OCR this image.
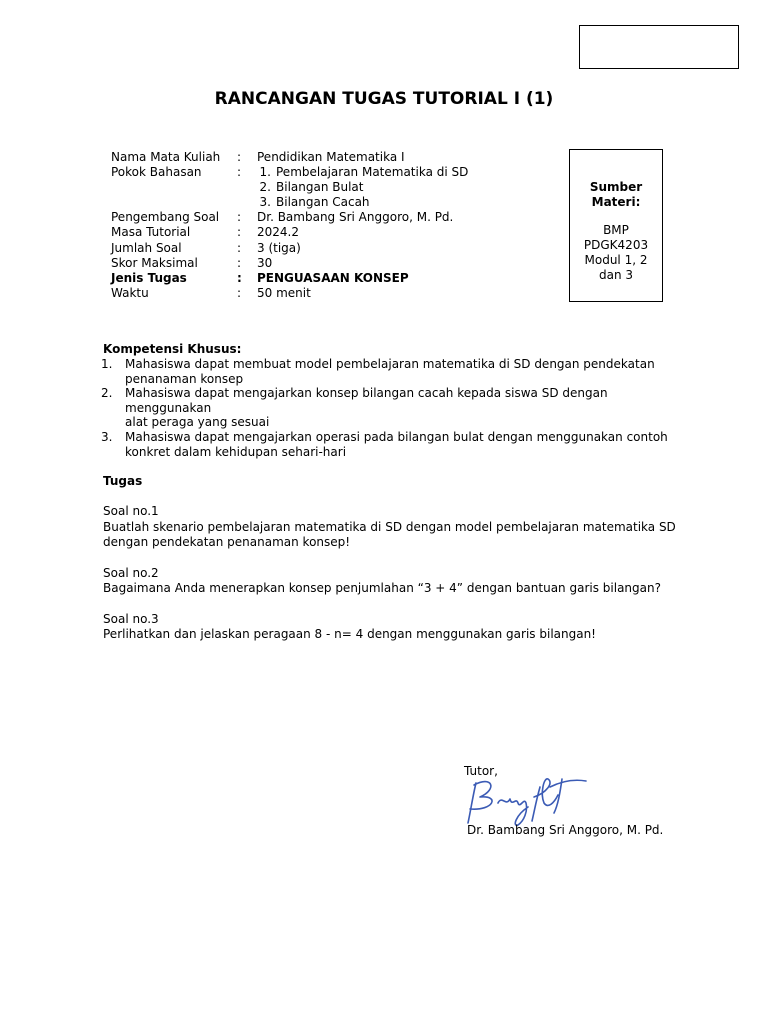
RANCANGAN TUGAS TUTORIAL I (1)
Nama Mata Kuliah : Pendidikan Matematika I
Pokok Bahasan	:	1. Pembelajaran Matematika di SD
2. Bilangan Bulat
3. Bilangan Cacah
Pengembang Soal : Dr. Bambang Sri Anggoro, M. Pd.
Masa Tutorial	: 2024.2
Jumlah Soal	: 3 (tiga)
Skor Maksimal	: 30
Jenis Tugas	: PENGUASAAN KONSEP
Waktu	: 50 menit
Sumber
Materi:
BMP
PDGK4203
Modul 1, 2
dan 3
Kompetensi Khusus:
1. Mahasiswa dapat membuat model pembelajaran matematika di SD dengan pendekatan
penanaman konsep
2. Mahasiswa dapat mengajarkan konsep bilangan cacah kepada siswa SD dengan menggunakan
alat peraga yang sesuai
3. Mahasiswa dapat mengajarkan operasi pada bilangan bulat dengan menggunakan contoh
konkret dalam kehidupan sehari-hari
Tugas
Soal no.1
Buatlah skenario pembelajaran matematika di SD dengan model pembelajaran matematika SD
dengan pendekatan penanaman konsep!
Soal no.2
Bagaimana Anda menerapkan konsep penjumlahan “3 + 4” dengan bantuan garis bilangan?
Soal no.3
Perlihatkan dan jelaskan peragaan 8 - n= 4 dengan menggunakan garis bilangan!
Tutor,
Dr. Bambang Sri Anggoro, M. Pd.
